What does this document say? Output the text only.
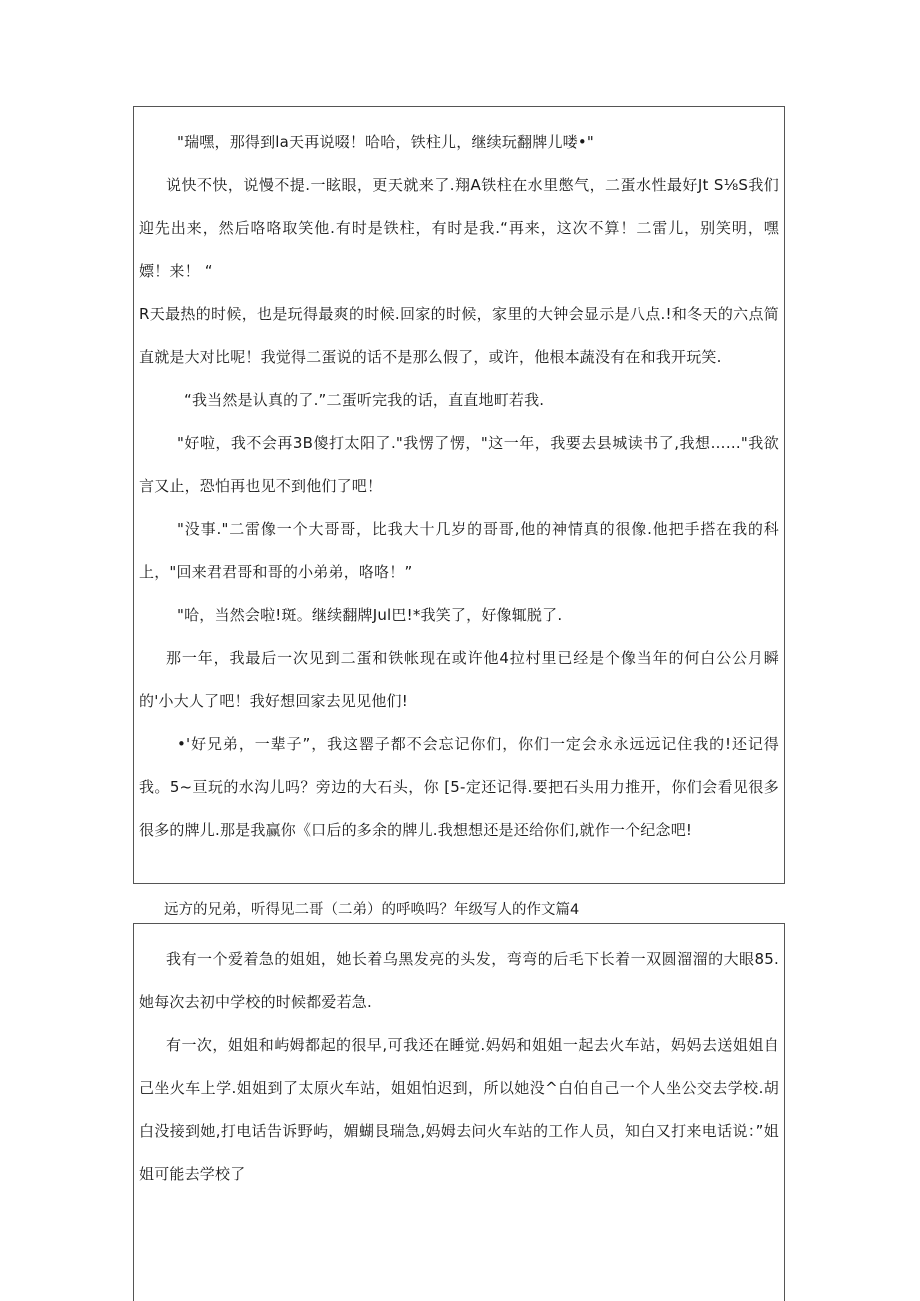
"瑞嘿，那得到la天再说啜！哈哈，铁柱儿，继续玩翻牌儿喽•"

说快不快，说慢不提.一眩眼，更天就来了.翔A铁柱在水里憋气，二蛋水性最好Jt S⅛S我们迎先出来，然后咯咯取笑他.有时是铁柱，有时是我.“再来，这次不算！二雷儿，别笑明，嘿嫖！来！ “

R天最热的时候，也是玩得最爽的时候.回家的时候，家里的大钟会显示是八点.!和冬天的六点简直就是大对比呢！我觉得二蛋说的话不是那么假了，或许，他根本蔬没有在和我开玩笑.

“我当然是认真的了.”二蛋听完我的话，直直地町若我.

"好啦，我不会再3B傻打太阳了."我愣了愣，"这一年，我要去县城读书了,我想……"我欲言又止，恐怕再也见不到他们了吧！

"没事."二雷像一个大哥哥，比我大十几岁的哥哥,他的神情真的很像.他把手搭在我的科上，"回来君君哥和哥的小弟弟，咯咯！”

"哈，当然会啦!斑。继续翻牌Jul巴!*我笑了，好像辄脱了.

那一年，我最后一次见到二蛋和铁帐现在或许他4拉村里已经是个像当年的何白公公月瞬的'小大人了吧！我好想回家去见见他们!

•'好兄弟，一辈子”，我这罂子都不会忘记你们，你们一定会永永远远记住我的!还记得我。5~亘玩的水沟儿吗？旁边的大石头，你 [5-定还记得.要把石头用力推开，你们会看见很多很多的牌儿.那是我赢你《口后的多余的牌儿.我想想还是还给你们,就作一个纪念吧!

远方的兄弟，听得见二哥（二弟）的呼唤吗？年级写人的作文篇4

我有一个爱着急的姐姐，她长着乌黑发亮的头发，弯弯的后毛下长着一双圆溜溜的大眼85.她每次去初中学校的时候都爱若急.

有一次，姐姐和屿姆都起的很早,可我还在睡觉.妈妈和姐姐一起去火车站，妈妈去送姐姐自己坐火车上学.姐姐到了太原火车站，姐姐怕迟到，所以她没^白伯自己一个人坐公交去学校.胡白没接到她,打电话告诉野屿，媚蝴艮瑞急,妈姆去问火车站的工作人员，知白又打来电话说：”姐姐可能去学校了
